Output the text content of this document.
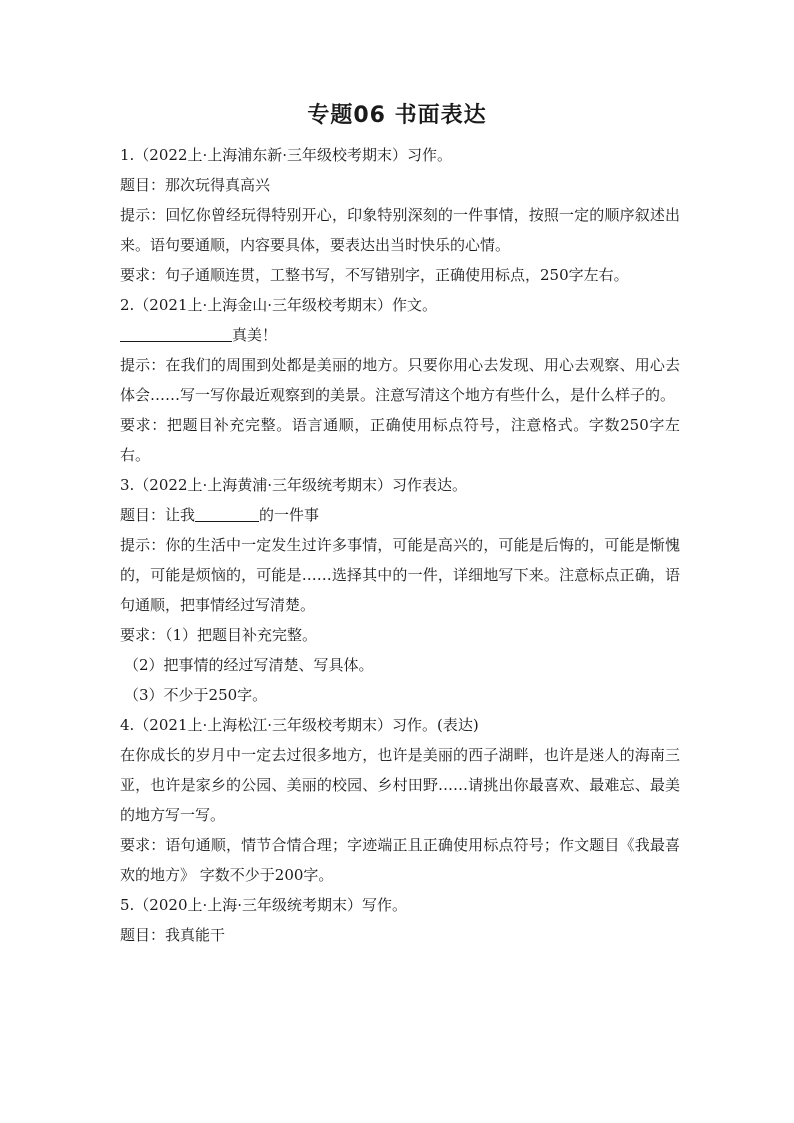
专题06 书面表达
1.（2022上·上海浦东新·三年级校考期末）习作。
题目：那次玩得真高兴
提示：回忆你曾经玩得特别开心，印象特别深刻的一件事情，按照一定的顺序叙述出来。语句要通顺，内容要具体，要表达出当时快乐的心情。
要求：句子通顺连贯，工整书写，不写错别字，正确使用标点，250字左右。
2.（2021上·上海金山·三年级校考期末）作文。
真美！
提示：在我们的周围到处都是美丽的地方。只要你用心去发现、用心去观察、用心去体会……写一写你最近观察到的美景。注意写清这个地方有些什么，是什么样子的。
要求：把题目补充完整。语言通顺，正确使用标点符号，注意格式。字数250字左右。
3.（2022上·上海黄浦·三年级统考期末）习作表达。
题目：让我	的一件事
提示：你的生活中一定发生过许多事情，可能是高兴的，可能是后悔的，可能是惭愧的，可能是烦恼的，可能是……选择其中的一件，详细地写下来。注意标点正确，语句通顺，把事情经过写清楚。
要求：（1）把题目补充完整。
（2）把事情的经过写清楚、写具体。
（3）不少于250字。
4.（2021上·上海松江·三年级校考期末）习作。(表达)
在你成长的岁月中一定去过很多地方，也许是美丽的西子湖畔，也许是迷人的海南三亚，也许是家乡的公园、美丽的校园、乡村田野……请挑出你最喜欢、最难忘、最美的地方写一写。
要求：语句通顺，情节合情合理；字迹端正且正确使用标点符号；作文题目《我最喜欢的地方》 字数不少于200字。
5.（2020上·上海·三年级统考期末）写作。
题目：我真能干
